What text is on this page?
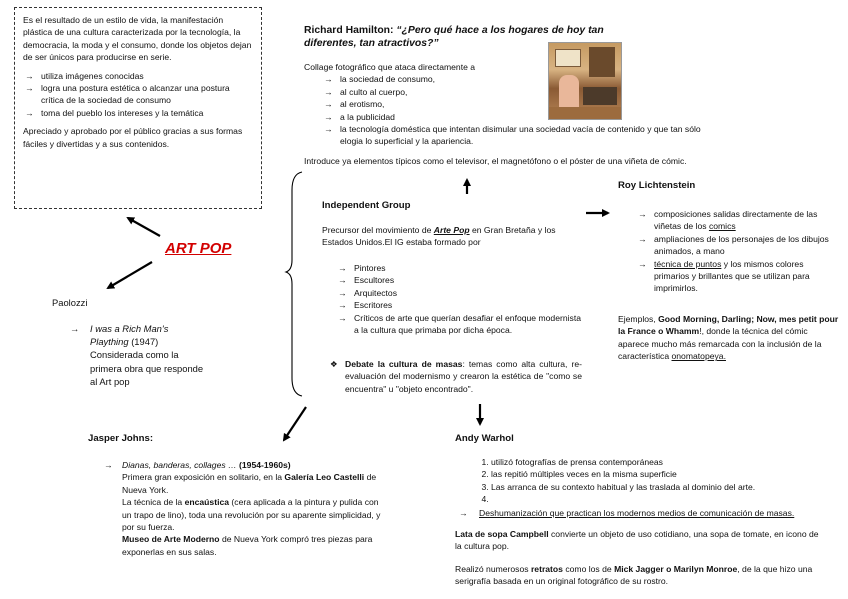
Es el resultado de un estilo de vida, la manifestación plástica de una cultura caracterizada por la tecnología, la democracia, la moda y el consumo, donde los objetos dejan de ser únicos para producirse en serie.

→ utiliza imágenes conocidas
→ logra una postura estética o alcanzar una postura crítica de la sociedad de consumo
→ toma del pueblo los intereses y la temática

Apreciado y aprobado por el público gracias a sus formas fáciles y divertidas y a sus contenidos.

ART POP
Paolozzi
→	I was a Rich Man's Plaything (1947)
Considerada como la primera obra que responde al Art pop
Richard Hamilton: “¿Pero qué hace a los hogares de hoy tan diferentes, tan atractivos?”
Collage fotográfico que ataca directamente a
→ la sociedad de consumo,
→ al culto al cuerpo,
→ al erotismo,
→ a la publicidad
→ la tecnología doméstica que intentan disimular una sociedad vacía de contenido y que tan sólo elogia lo superficial y la apariencia.
Introduce ya elementos típicos como el televisor, el magnetófono o el póster de una viñeta de cómic.
Independent Group
Precursor del movimiento de Arte Pop en Gran Bretaña y los Estados Unidos.El IG estaba formado por
→ Pintores
→ Escultores
→ Arquitectos
→ Escritores
→ Críticos de arte que querían desafiar el enfoque modernista a la cultura que primaba por dicha época.
❖ Debate la cultura de masas: temas como alta cultura, re-evaluación del modernismo y crearon la estética de "como se encuentra" u "objeto encontrado".
Roy Lichtenstein
→ composiciones salidas directamente de las viñetas de los comics
→ ampliaciones de los personajes de los dibujos animados, a mano
→ técnica de puntos y los mismos colores primarios y brillantes que se utilizan para imprimirlos.
Ejemplos, Good Morning, Darling; Now, mes petit pour la France o Whamm!, donde la técnica del cómic aparece mucho más remarcada con la inclusión de la característica onomatopeya.
Jasper Johns:
→ Dianas, banderas, collages … (1954-1960s)
Primera gran exposición en solitario, en la Galería Leo Castelli de Nueva York.
La técnica de la encaústica (cera aplicada a la pintura y pulida con un trapo de lino), toda una revolución por su aparente simplicidad, y por su fuerza.
Museo de Arte Moderno de Nueva York compró tres piezas para exponerlas en sus salas.
Andy Warhol
1. utilizó fotografías de prensa contemporáneas
2. las repitió múltiples veces en la misma superficie
3. Las arranca de su contexto habitual y las traslada al dominio del arte.
4.
→ Deshumanización que practican los modernos medios de comunicación de masas.
Lata de sopa Campbell convierte un objeto de uso cotidiano, una sopa de tomate, en icono de la cultura pop.
Realizó numerosos retratos como los de Mick Jagger o Marilyn Monroe, de la que hizo una serigrafía basada en un original fotográfico de su rostro.
